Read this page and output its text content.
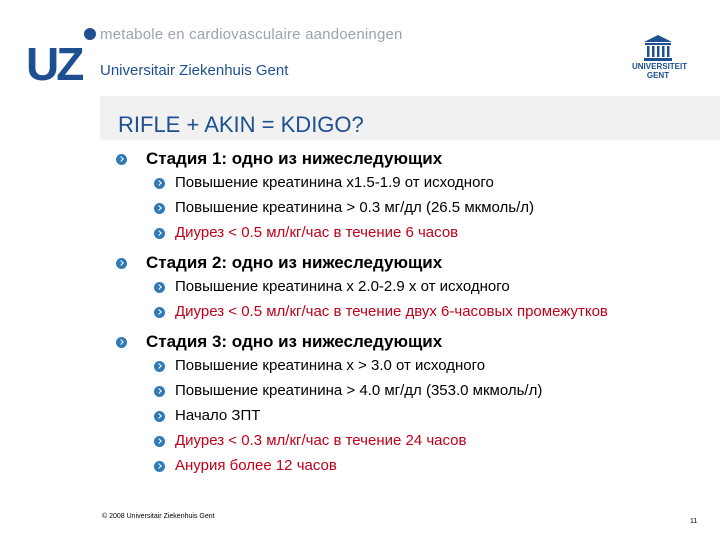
metabole en cardiovasculaire aandoeningen
UZ Universitair Ziekenhuis Gent	UNIVERSITEIT
GENT
RIFLE + AKIN = KDIGO?
Стадия 1: одно из нижеследующих
Повышение креатинина х1.5-1.9 от исходного
Повышение креатинина > 0.3 мг/дл (26.5 мкмоль/л)
Диурез < 0.5 мл/кг/час в течение 6 часов
Стадия 2: одно из нижеследующих
Повышение креатинина х 2.0-2.9 х от исходного
Диурез < 0.5 мл/кг/час в течение двух 6-часовых промежутков
Стадия 3: одно из нижеследующих
Повышение креатинина х > 3.0 от исходного
Повышение креатинина > 4.0 мг/дл (353.0 мкмоль/л)
Начало ЗПТ
Диурез < 0.3 мл/кг/час в течение 24 часов
Анурия более 12 часов
© 2008 Universitair Ziekenhuis Gent
11
